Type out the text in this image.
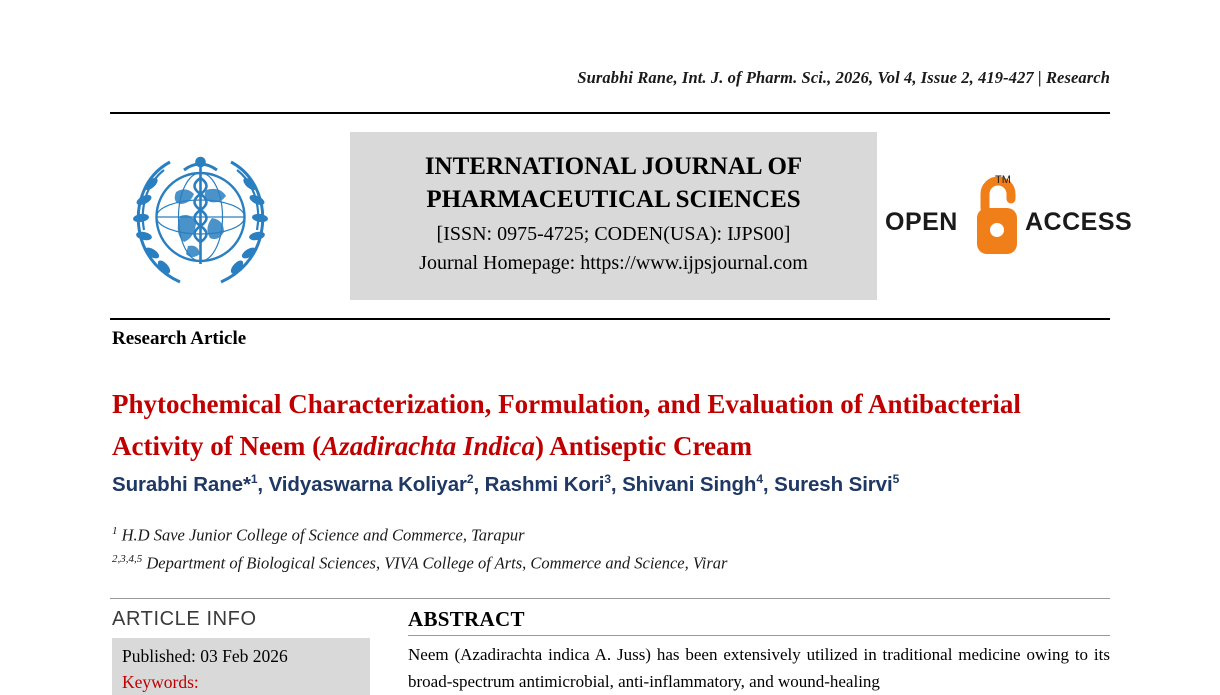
Surabhi Rane, Int. J. of Pharm. Sci., 2026, Vol 4, Issue 2, 419-427 | Research
INTERNATIONAL JOURNAL OF
PHARMACEUTICAL SCIENCES
[ISSN: 0975-4725; CODEN(USA): IJPS00]
Journal Homepage: https://www.ijpsjournal.com
OPEN
TM
ACCESS
Research Article
Phytochemical Characterization, Formulation, and Evaluation of Antibacterial Activity of Neem (Azadirachta Indica) Antiseptic Cream
Surabhi Rane*$^1$, Vidyaswarna Koliyar$^2$, Rashmi Kori$^3$, Shivani Singh$^4$, Suresh Sirvi$^5$
$^1$ H.D Save Junior College of Science and Commerce, Tarapur
$^{2,3,4,5}$ Department of Biological Sciences, VIVA College of Arts, Commerce and Science, Virar
ARTICLE INFO
Published: 03 Feb 2026
Keywords:
ABSTRACT
Neem (Azadirachta indica A. Juss) has been extensively utilized in traditional medicine owing to its broad-spectrum antimicrobial, anti-inflammatory, and wound-healing
